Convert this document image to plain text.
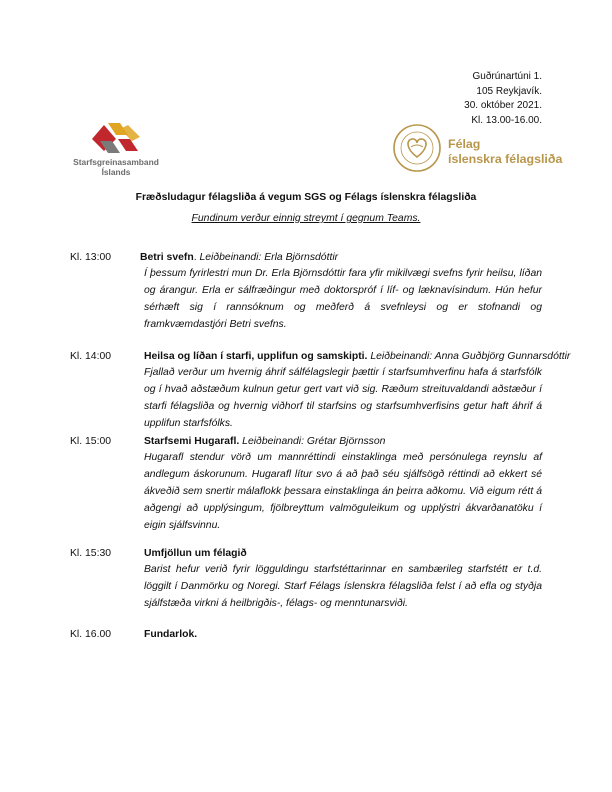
Guðrúnartúni 1.
105 Reykjavík.
30. október 2021.
Kl. 13.00-16.00.
Starfsgreinasamband
Íslands
Félag
íslenskra félagsliða
Fræðsludagur félagsliða á vegum SGS og Félags íslenskra félagsliða
Fundinum verður einnig streymt í gegnum Teams.
Kl. 13:00	Betri svefn. Leiðbeinandi: Erla Björnsdóttir
Í þessum fyrirlestri mun Dr. Erla Björnsdóttir fara yfir mikilvægi svefns fyrir heilsu, líðan og árangur. Erla er sálfræðingur með doktorspróf í líf- og læknavísindum. Hún hefur sérhæft sig í rannsóknum og meðferð á svefnleysi og er stofnandi og framkvæmdastjóri Betri svefns.
Kl. 14:00	Heilsa og líðan í starfi, upplifun og samskipti. Leiðbeinandi: Anna Guðbjörg Gunnarsdóttir
Fjallað verður um hvernig áhrif sálfélagslegir þættir í starfsumhverfinu hafa á starfsfólk og í hvað aðstæðum kulnun getur gert vart við sig. Ræðum streituvaldandi aðstæður í starfi félagsliða og hvernig viðhorf til starfsins og starfsumhverfisins getur haft áhrif á upplifun starfsfólks.
Kl. 15:00	Starfsemi Hugarafl. Leiðbeinandi: Grétar Björnsson
Hugarafl stendur vörð um mannréttindi einstaklinga með persónulega reynslu af andlegum áskorunum. Hugarafl lítur svo á að það séu sjálfsögð réttindi að ekkert sé ákveðið sem snertir málaflokk þessara einstaklinga án þeirra aðkomu. Við eigum rétt á aðgengi að upplýsingum, fjölbreyttum valmöguleikum og upplýstri ákvarðanatöku í eigin sjálfsvinnu.
Kl. 15:30	Umfjöllun um félagið
Barist hefur verið fyrir lögguldingu starfstéttarinnar en sambærileg starfstétt er t.d. löggilt í Danmörku og Noregi. Starf Félags íslenskra félagsliða felst í að efla og styðja sjálfstæða virkni á heilbrigðis-, félags- og menntunarsviði.
Kl. 16.00	Fundarlok.
